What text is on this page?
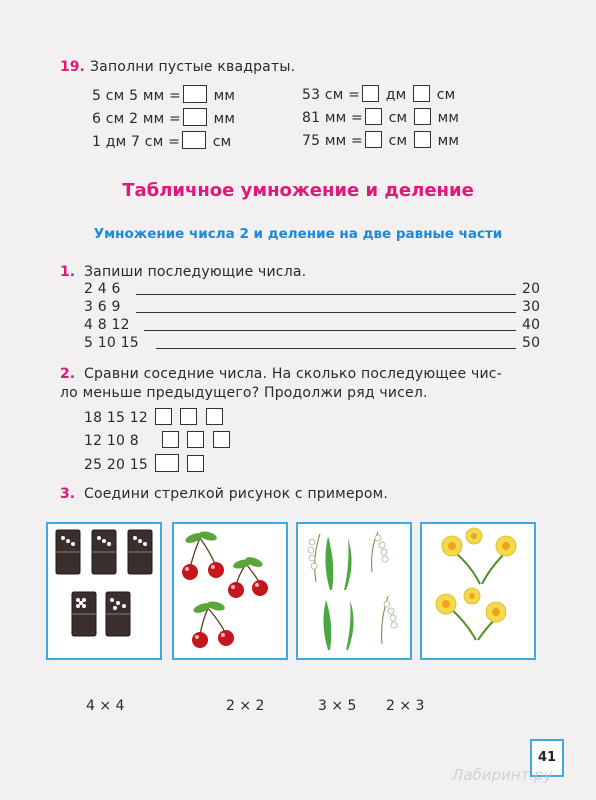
19. Заполни пустые квадраты.
5 см 5 мм = мм
6 см 2 мм = мм
1 дм 7 см = см
53 см = дм см
81 мм = см мм
75 мм = см мм
Табличное умножение и деление
Умножение числа 2 и деление на две равные части
1. Запиши последующие числа.
2 4 6	20
3 6 9	30
4 8 12	40
5 10 15	50
2. Сравни соседние числа. На сколько последующее чис-
ло меньше предыдущего? Продолжи ряд чисел.
18 15 12
12 10 8
25 20 15
3. Соедини стрелкой рисунок с примером.
4 × 4	2 × 2	3 × 5 2 × 3
41
Лабиринт.ру
